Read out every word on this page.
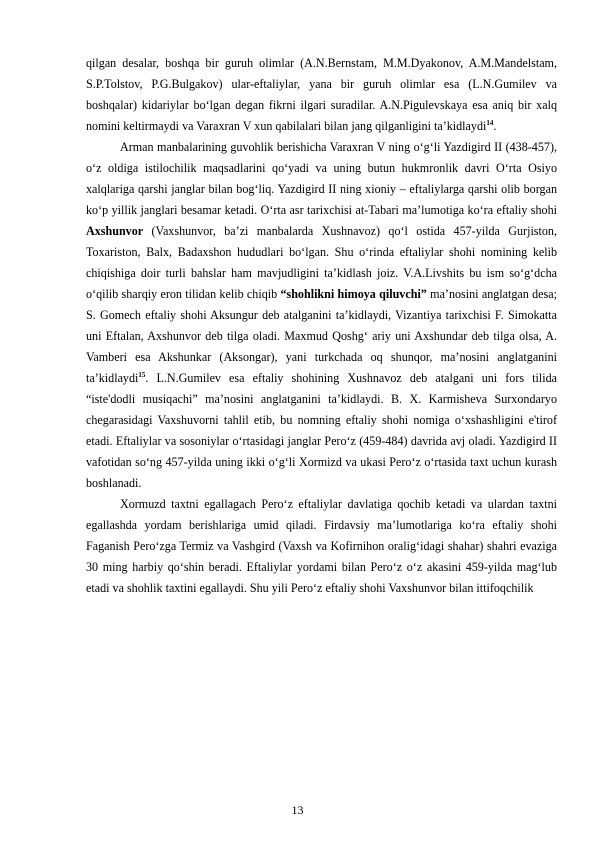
qilgan desalar, boshqa bir guruh olimlar (A.N.Bernstam, M.M.Dyakonov, A.M.Mandelstam, S.P.Tolstov, P.G.Bulgakov) ular-eftaliylar, yana bir guruh olimlar esa (L.N.Gumilev va boshqalar) kidariylar bo‘lgan degan fikrni ilgari suradilar. A.N.Pigulevskaya esa aniq bir xalq nomini keltirmaydi va Varaxran V xun qabilalari bilan jang qilganligini ta’kidlaydi$^{14}$.

Arman manbalarining guvohlik berishicha Varaxran V ning o‘g‘li Yazdigird II (438-457), o‘z oldiga istilochilik maqsadlarini qo‘yadi va uning butun hukmronlik davri O‘rta Osiyo xalqlariga qarshi janglar bilan bog‘liq. Yazdigird II ning xioniy – eftaliylarga qarshi olib borgan ko‘p yillik janglari besamar ketadi. O‘rta asr tarixchisi at-Tabari ma’lumotiga ko‘ra eftaliy shohi Axshunvor (Vaxshunvor, ba’zi manbalarda Xushnavoz) qo‘l ostida 457-yilda Gurjiston, Toxariston, Balx, Badaxshon hududlari bo‘lgan. Shu o‘rinda eftaliylar shohi nomining kelib chiqishiga doir turli bahslar ham mavjudligini ta’kidlash joiz. V.A.Livshits bu ism so‘g‘dcha o‘qilib sharqiy eron tilidan kelib chiqib “shohlikni himoya qiluvchi” ma’nosini anglatgan desa; S. Gomech eftaliy shohi Aksungur deb atalganini ta’kidlaydi, Vizantiya tarixchisi F. Simokatta uni Eftalan, Axshunvor deb tilga oladi. Maxmud Qoshg‘ ariy uni Axshundar deb tilga olsa, A. Vamberi esa Akshunkar (Aksongar), yani turkchada oq shunqor, ma’nosini anglatganini ta’kidlaydi$^{15}$. L.N.Gumilev esa eftaliy shohining Xushnavoz deb atalgani uni fors tilida “iste'dodli musiqachi” ma’nosini anglatganini ta’kidlaydi. B. X. Karmisheva Surxondaryo chegarasidagi Vaxshuvorni tahlil etib, bu nomning eftaliy shohi nomiga o‘xshashligini e'tirof etadi. Eftaliylar va sosoniylar o‘rtasidagi janglar Pero‘z (459-484) davrida avj oladi. Yazdigird II vafotidan so‘ng 457-yilda uning ikki o‘g‘li Xormizd va ukasi Pero‘z o‘rtasida taxt uchun kurash boshlanadi.

Xormuzd taxtni egallagach Pero‘z eftaliylar davlatiga qochib ketadi va ulardan taxtni egallashda yordam berishlariga umid qiladi. Firdavsiy ma’lumotlariga ko‘ra eftaliy shohi Faganish Pero‘zga Termiz va Vashgird (Vaxsh va Kofirnihon oralig‘idagi shahar) shahri evaziga 30 ming harbiy qo‘shin beradi. Eftaliylar yordami bilan Pero‘z o‘z akasini 459-yilda mag‘lub etadi va shohlik taxtini egallaydi. Shu yili Pero‘z eftaliy shohi Vaxshunvor bilan ittifoqchilik

13
